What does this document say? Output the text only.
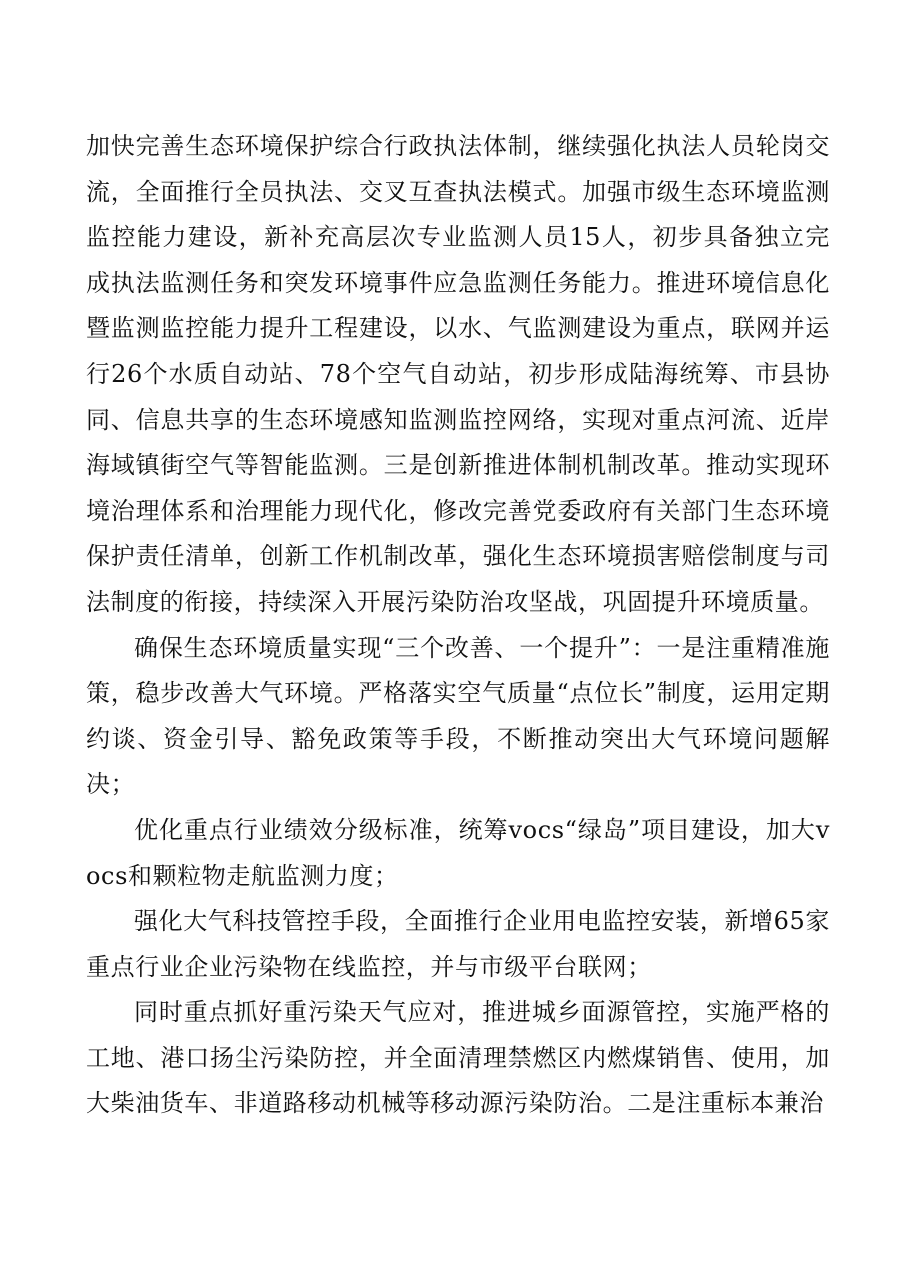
加快完善生态环境保护综合行政执法体制，继续强化执法人员轮岗交流，全面推行全员执法、交叉互查执法模式。加强市级生态环境监测监控能力建设，新补充高层次专业监测人员15人，初步具备独立完成执法监测任务和突发环境事件应急监测任务能力。推进环境信息化暨监测监控能力提升工程建设，以水、气监测建设为重点，联网并运行26个水质自动站、78个空气自动站，初步形成陆海统筹、市县协同、信息共享的生态环境感知监测监控网络，实现对重点河流、近岸海域镇街空气等智能监测。三是创新推进体制机制改革。推动实现环境治理体系和治理能力现代化，修改完善党委政府有关部门生态环境保护责任清单，创新工作机制改革，强化生态环境损害赔偿制度与司法制度的衔接，持续深入开展污染防治攻坚战，巩固提升环境质量。

确保生态环境质量实现“三个改善、一个提升”：一是注重精准施策，稳步改善大气环境。严格落实空气质量“点位长”制度，运用定期约谈、资金引导、豁免政策等手段，不断推动突出大气环境问题解决；

优化重点行业绩效分级标准，统筹vocs“绿岛”项目建设，加大vocs和颗粒物走航监测力度；

强化大气科技管控手段，全面推行企业用电监控安装，新增65家重点行业企业污染物在线监控，并与市级平台联网；

同时重点抓好重污染天气应对，推进城乡面源管控，实施严格的工地、港口扬尘污染防控，并全面清理禁燃区内燃煤销售、使用，加大柴油货车、非道路移动机械等移动源污染防治。二是注重标本兼治
